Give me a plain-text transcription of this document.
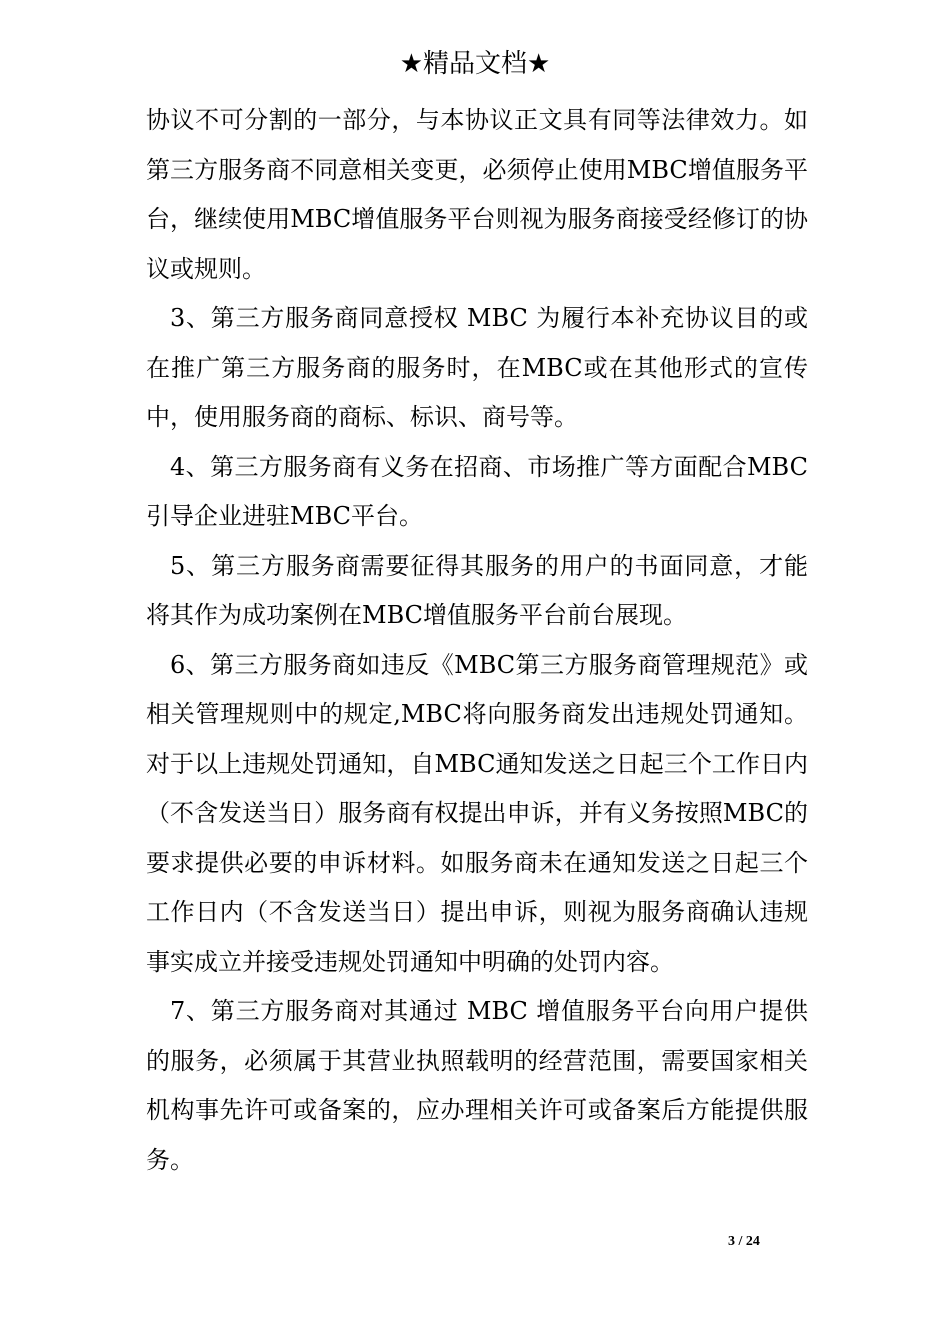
★精品文档★

协议不可分割的一部分，与本协议正文具有同等法律效力。如第三方服务商不同意相关变更，必须停止使用MBC增值服务平台，继续使用MBC增值服务平台则视为服务商接受经修订的协议或规则。

3、第三方服务商同意授权 MBC 为履行本补充协议目的或在推广第三方服务商的服务时，在MBC或在其他形式的宣传中，使用服务商的商标、标识、商号等。

4、第三方服务商有义务在招商、市场推广等方面配合MBC引导企业进驻MBC平台。

5、第三方服务商需要征得其服务的用户的书面同意，才能将其作为成功案例在MBC增值服务平台前台展现。

6、第三方服务商如违反《MBC第三方服务商管理规范》或相关管理规则中的规定,MBC将向服务商发出违规处罚通知。对于以上违规处罚通知，自MBC通知发送之日起三个工作日内（不含发送当日）服务商有权提出申诉，并有义务按照MBC的要求提供必要的申诉材料。如服务商未在通知发送之日起三个工作日内（不含发送当日）提出申诉，则视为服务商确认违规事实成立并接受违规处罚通知中明确的处罚内容。

7、第三方服务商对其通过 MBC 增值服务平台向用户提供的服务，必须属于其营业执照载明的经营范围，需要国家相关机构事先许可或备案的，应办理相关许可或备案后方能提供服务。

3 / 24
